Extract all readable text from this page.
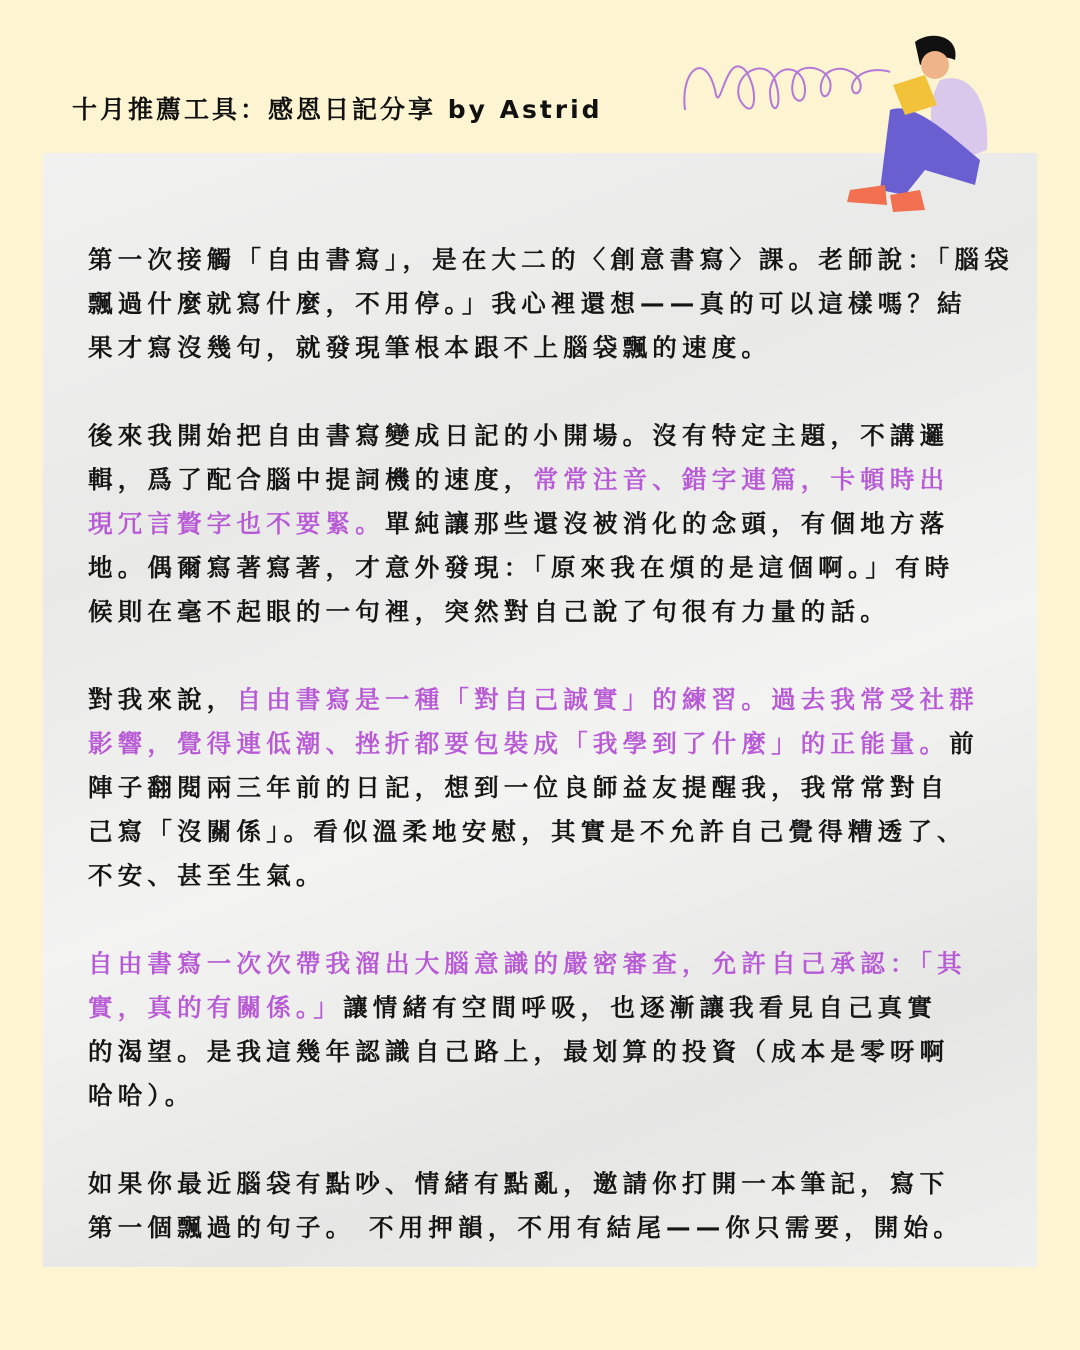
十月推薦工具：感恩日記分享 by Astrid
第一次接觸「自由書寫」，是在大二的〈創意書寫〉課。老師說：「腦袋
飄過什麼就寫什麼，不用停。」我心裡還想——真的可以這樣嗎？結
果才寫沒幾句，就發現筆根本跟不上腦袋飄的速度。
後來我開始把自由書寫變成日記的小開場。沒有特定主題，不講邏
輯，爲了配合腦中提詞機的速度，常常注音、錯字連篇，卡頓時出
現冗言贅字也不要緊。單純讓那些還沒被消化的念頭，有個地方落
地。偶爾寫著寫著，才意外發現：「原來我在煩的是這個啊。」有時
候則在毫不起眼的一句裡，突然對自己說了句很有力量的話。
對我來說，自由書寫是一種「對自己誠實」的練習。過去我常受社群
影響，覺得連低潮、挫折都要包裝成「我學到了什麼」的正能量。前
陣子翻閱兩三年前的日記，想到一位良師益友提醒我，我常常對自
己寫「沒關係」。看似溫柔地安慰，其實是不允許自己覺得糟透了、
不安、甚至生氣。
自由書寫一次次帶我溜出大腦意識的嚴密審查，允許自己承認：「其
實，真的有關係。」讓情緒有空間呼吸，也逐漸讓我看見自己真實
的渴望。是我這幾年認識自己路上，最划算的投資（成本是零呀啊
哈哈）。
如果你最近腦袋有點吵、情緒有點亂，邀請你打開一本筆記，寫下
第一個飄過的句子。 不用押韻，不用有結尾——你只需要，開始。
